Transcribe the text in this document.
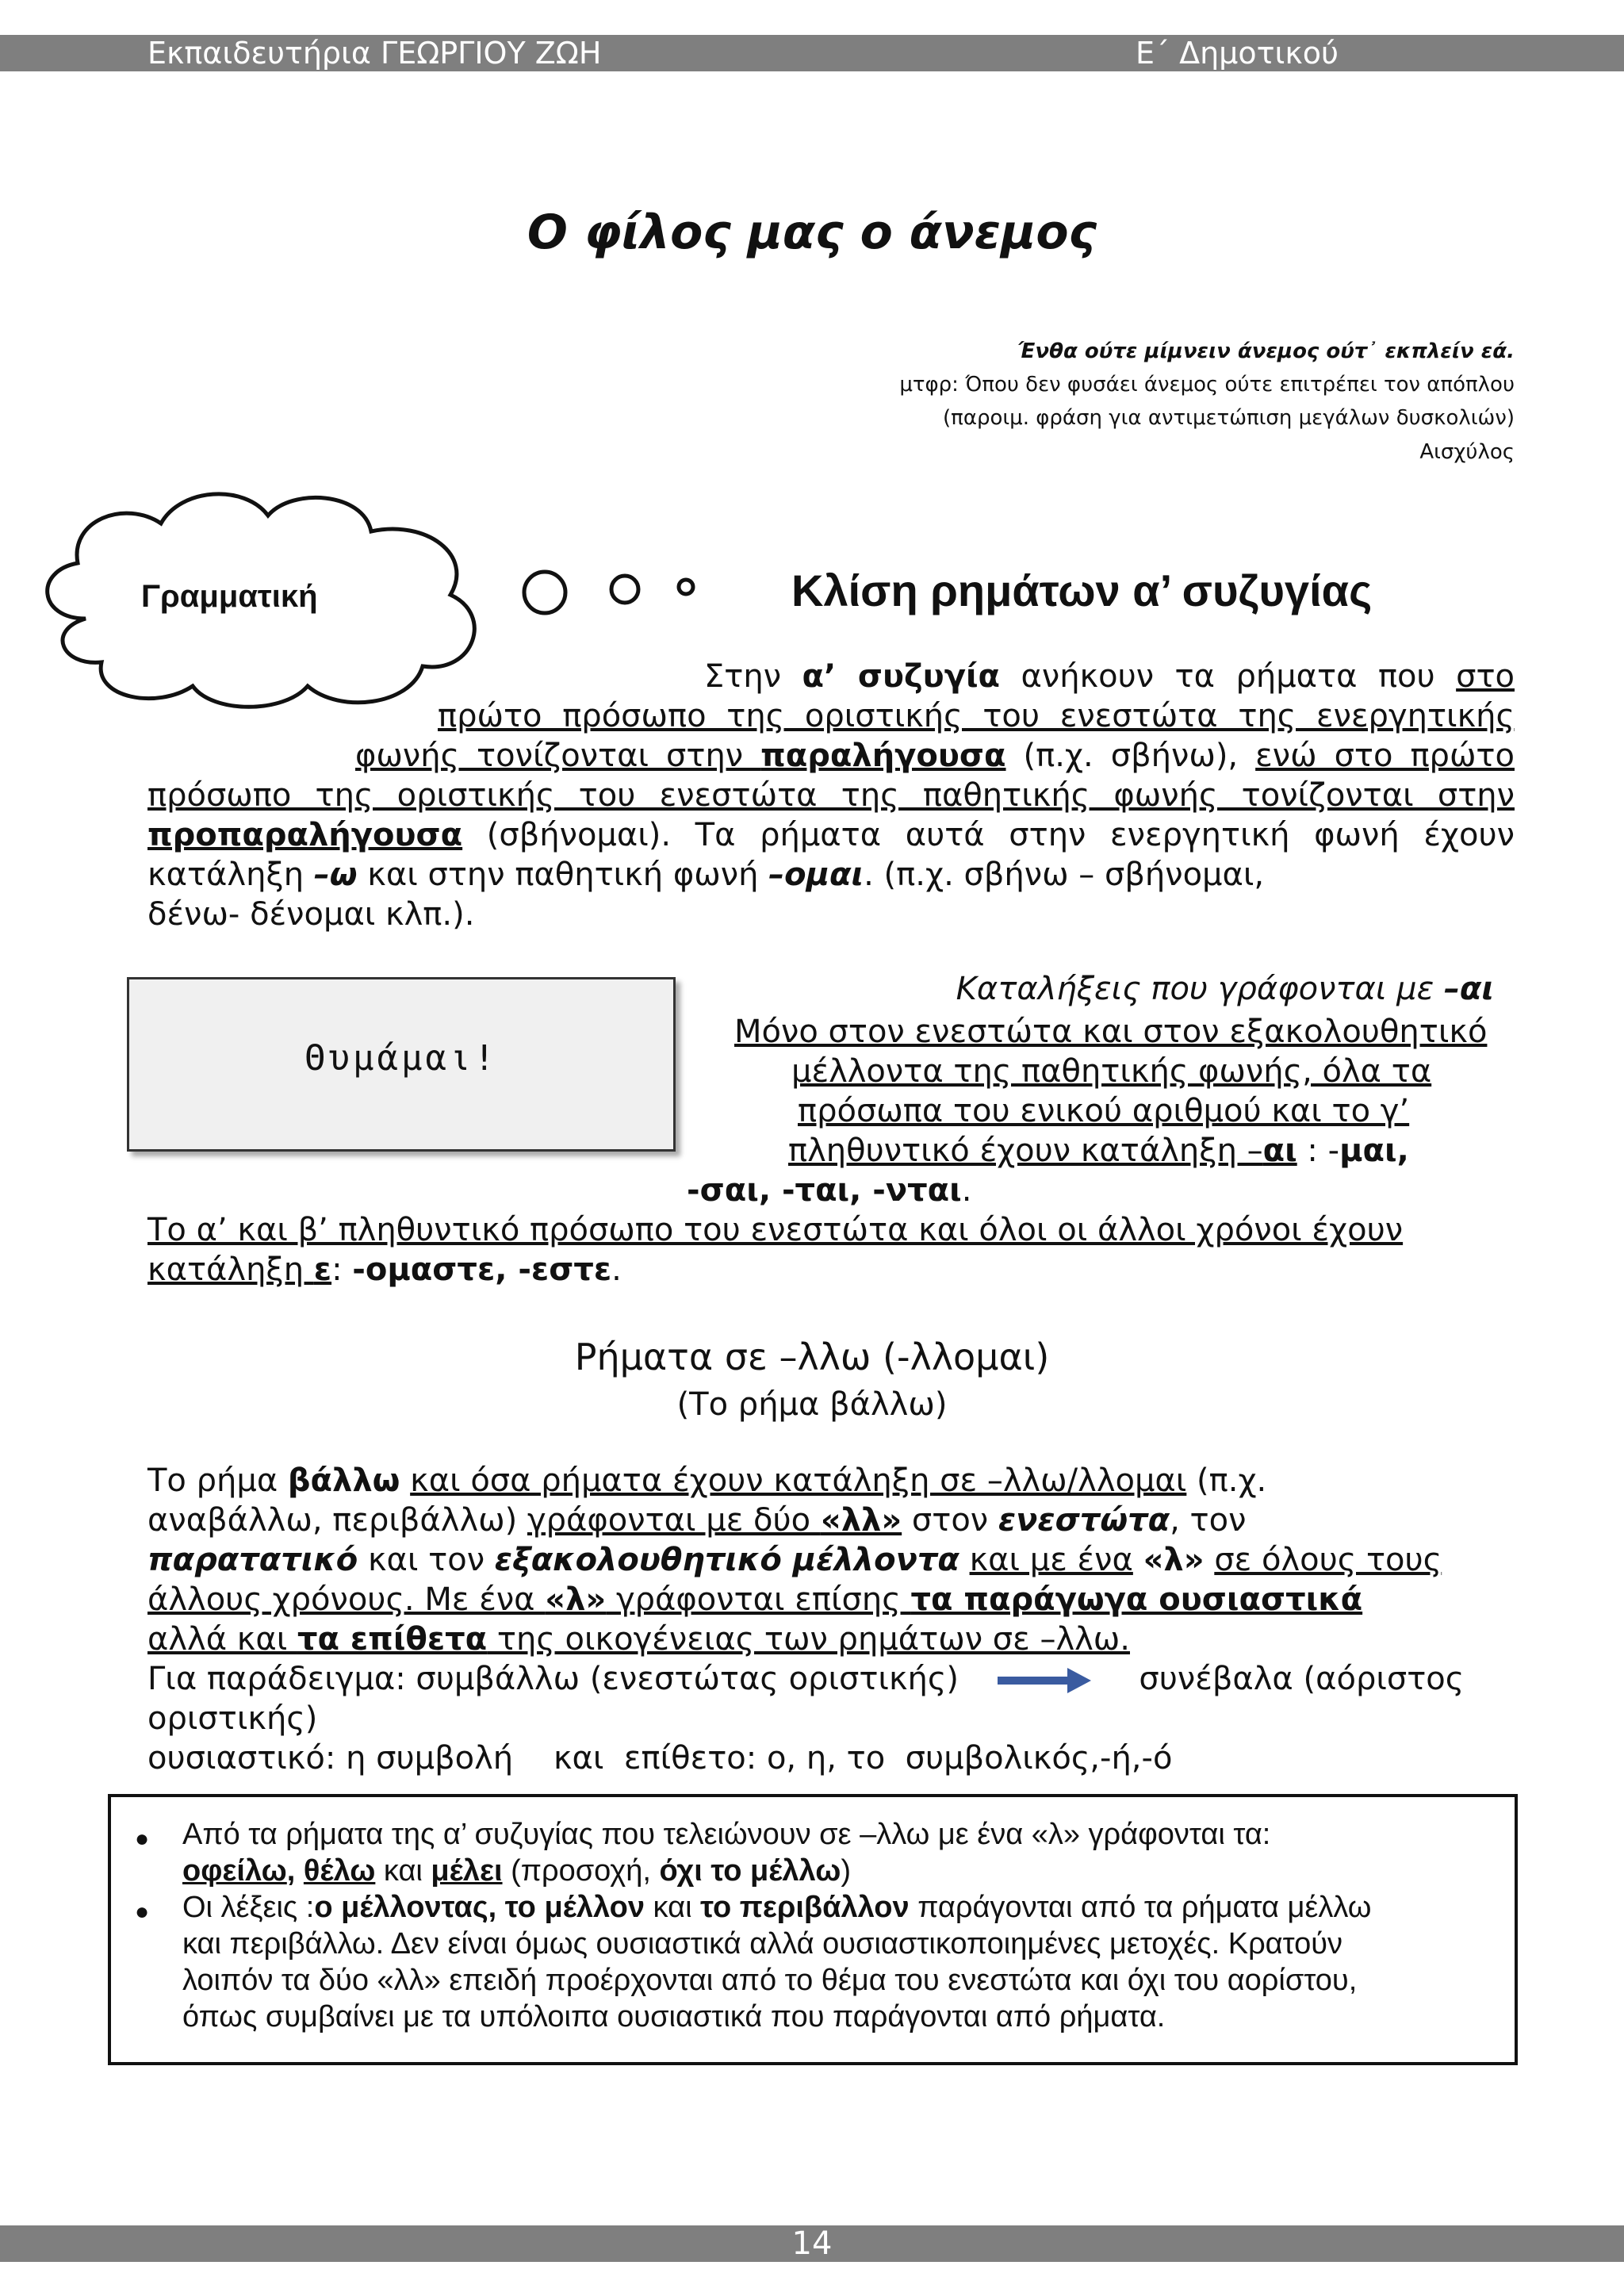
Εκπαιδευτήρια ΓΕΩΡΓΙΟΥ ΖΩΗ	Ε΄ Δημοτικού
Ο φίλος μας ο άνεμος
Ένθα ούτε μίμνειν άνεμος ούτ᾽ εκπλείν εά.
μτφρ: Όπου δεν φυσάει άνεμος ούτε επιτρέπει τον απόπλου
(παροιμ. φράση για αντιμετώπιση μεγάλων δυσκολιών)
Αισχύλος
Γραμματική	Κλίση ρημάτων α’ συζυγίας
Στην α’ συζυγία ανήκουν τα ρήματα που στο
πρώτο πρόσωπο της οριστικής του ενεστώτα της ενεργητικής
φωνής τονίζονται στην παραλήγουσα (π.χ. σβήνω), ενώ στο πρώτο
πρόσωπο της οριστικής του ενεστώτα της παθητικής φωνής τονίζονται στην
προπαραλήγουσα (σβήνομαι). Τα ρήματα αυτά στην ενεργητική φωνή έχουν
κατάληξη –ω και στην παθητική φωνή –ομαι. (π.χ. σβήνω – σβήνομαι,
δένω- δένομαι κλπ.).
Θυμάμαι!
Καταλήξεις που γράφονται με –αι
Μόνο στον ενεστώτα και στον εξακολουθητικό
μέλλοντα της παθητικής φωνής, όλα τα
πρόσωπα του ενικού αριθμού και το γ’
πληθυντικό έχουν κατάληξη –αι : -μαι,
-σαι, -ται, -νται.
Το α’ και β’ πληθυντικό πρόσωπο του ενεστώτα και όλοι οι άλλοι χρόνοι έχουν
κατάληξη ε: -ομαστε, -εστε.
Ρήματα σε –λλω (-λλομαι)
(Το ρήμα βάλλω)
Το ρήμα βάλλω και όσα ρήματα έχουν κατάληξη σε –λλω/λλομαι (π.χ.
αναβάλλω, περιβάλλω) γράφονται με δύο «λλ» στον ενεστώτα, τον
παρατατικό και τον εξακολουθητικό μέλλοντα και με ένα «λ» σε όλους τους
άλλους χρόνους. Με ένα «λ» γράφονται επίσης τα παράγωγα ουσιαστικά
αλλά και τα επίθετα της οικογένειας των ρημάτων σε –λλω.
Για παράδειγμα: συμβάλλω (ενεστώτας οριστικής)	συνέβαλα (αόριστος
οριστικής)
ουσιαστικό: η συμβολή    και  επίθετο: ο, η, το  συμβολικός,-ή,-ό
● Από τα ρήματα της α’ συζυγίας που τελειώνουν σε –λλω με ένα «λ» γράφονται τα:
οφείλω, θέλω και μέλει (προσοχή, όχι το μέλλω)
● Οι λέξεις :ο μέλλοντας, το μέλλον και το περιβάλλον παράγονται από τα ρήματα μέλλω
και περιβάλλω. Δεν είναι όμως ουσιαστικά αλλά ουσιαστικοποιημένες μετοχές. Κρατούν
λοιπόν τα δύο «λλ» επειδή προέρχονται από το θέμα του ενεστώτα και όχι του αορίστου,
όπως συμβαίνει με τα υπόλοιπα ουσιαστικά που παράγονται από ρήματα.
14
